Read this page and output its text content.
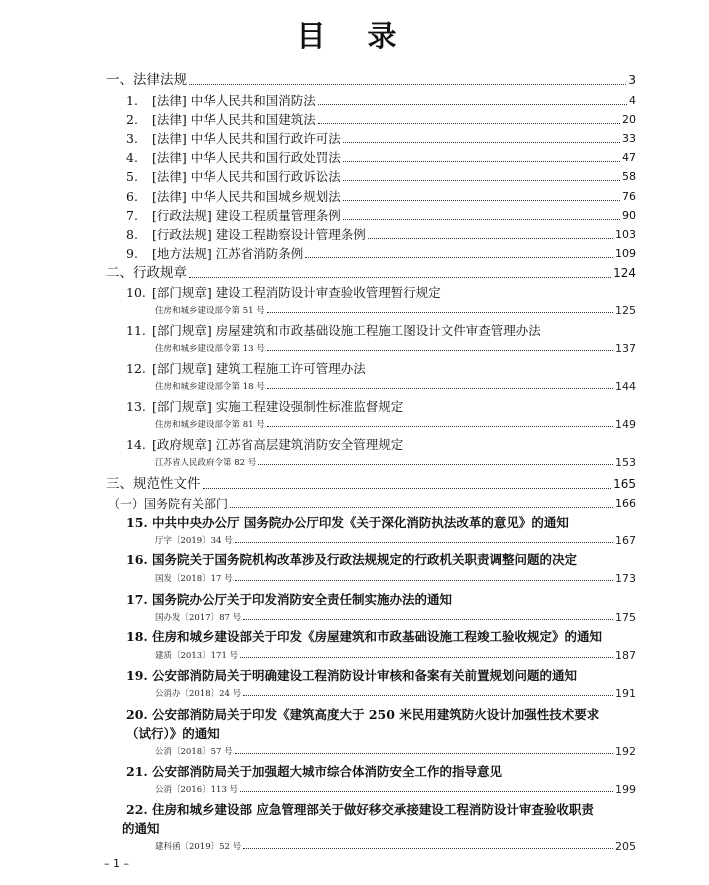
目 录
一、法律法规	3
1. [法律] 中华人民共和国消防法	4
2. [法律] 中华人民共和国建筑法	20
3. [法律] 中华人民共和国行政许可法	33
4. [法律] 中华人民共和国行政处罚法	47
5. [法律] 中华人民共和国行政诉讼法	58
6. [法律] 中华人民共和国城乡规划法	76
7. [行政法规] 建设工程质量管理条例	90
8. [行政法规] 建设工程勘察设计管理条例	103
9. [地方法规] 江苏省消防条例	109
二、行政规章	124
10. [部门规章] 建设工程消防设计审查验收管理暂行规定
住房和城乡建设部令第 51 号	125
11. [部门规章] 房屋建筑和市政基础设施工程施工图设计文件审查管理办法
住房和城乡建设部令第 13 号	137
12. [部门规章] 建筑工程施工许可管理办法
住房和城乡建设部令第 18 号	144
13. [部门规章] 实施工程建设强制性标准监督规定
住房和城乡建设部令第 81 号	149
14. [政府规章] 江苏省高层建筑消防安全管理规定
江苏省人民政府令第 82 号	153
三、规范性文件	165
（一）国务院有关部门	166
15. 中共中央办公厅 国务院办公厅印发《关于深化消防执法改革的意见》的通知
厅字〔2019〕34 号	167
16. 国务院关于国务院机构改革涉及行政法规规定的行政机关职责调整问题的决定
国发〔2018〕17 号	173
17. 国务院办公厅关于印发消防安全责任制实施办法的通知
国办发〔2017〕87 号	175
18. 住房和城乡建设部关于印发《房屋建筑和市政基础设施工程竣工验收规定》的通知
建质〔2013〕171 号	187
19. 公安部消防局关于明确建设工程消防设计审核和备案有关前置规划问题的通知
公消办〔2018〕24 号	191
20. 公安部消防局关于印发《建筑高度大于 250 米民用建筑防火设计加强性技术要求
（试行）》的通知
公消〔2018〕57 号	192
21. 公安部消防局关于加强超大城市综合体消防安全工作的指导意见
公消〔2016〕113 号	199
22. 住房和城乡建设部 应急管理部关于做好移交承接建设工程消防设计审查验收职责
的通知
建科函〔2019〕52 号	205
– 1 –
